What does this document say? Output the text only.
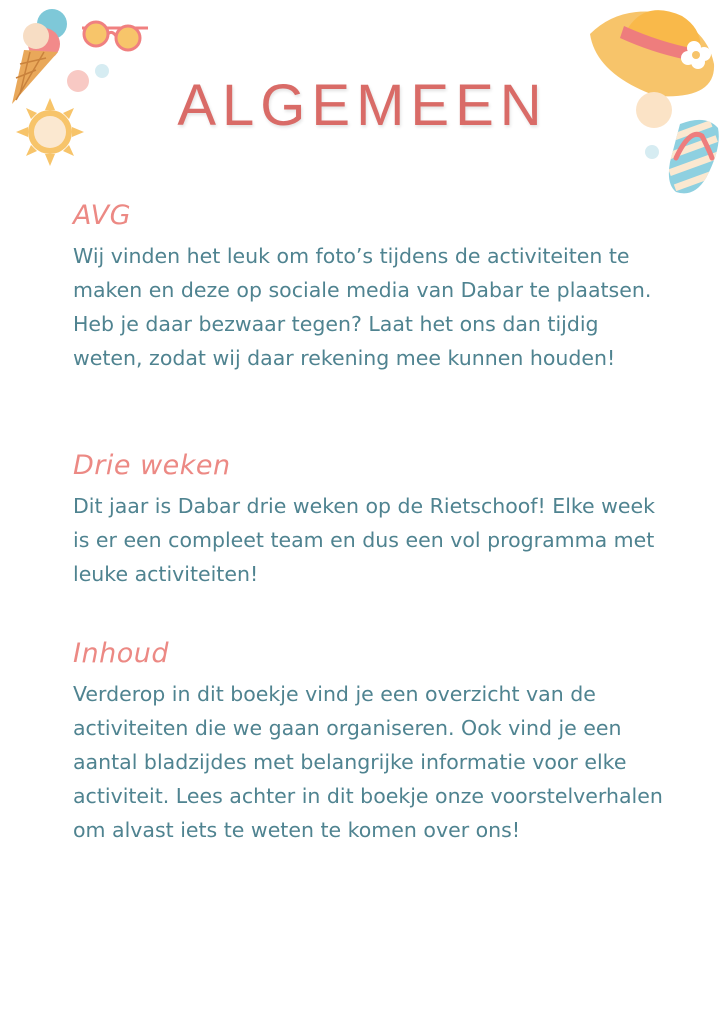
ALGEMEEN
AVG

Wij vinden het leuk om foto’s tijdens de activiteiten te maken en deze op sociale media van Dabar te plaatsen. Heb je daar bezwaar tegen? Laat het ons dan tijdig weten, zodat wij daar rekening mee kunnen houden!

Drie weken

Dit jaar is Dabar drie weken op de Rietschoof! Elke week is er een compleet team en dus een vol programma met leuke activiteiten!

Inhoud

Verderop in dit boekje vind je een overzicht van de activiteiten die we gaan organiseren. Ook vind je een aantal bladzijdes met belangrijke informatie voor elke activiteit. Lees achter in dit boekje onze voorstelverhalen om alvast iets te weten te komen over ons!
